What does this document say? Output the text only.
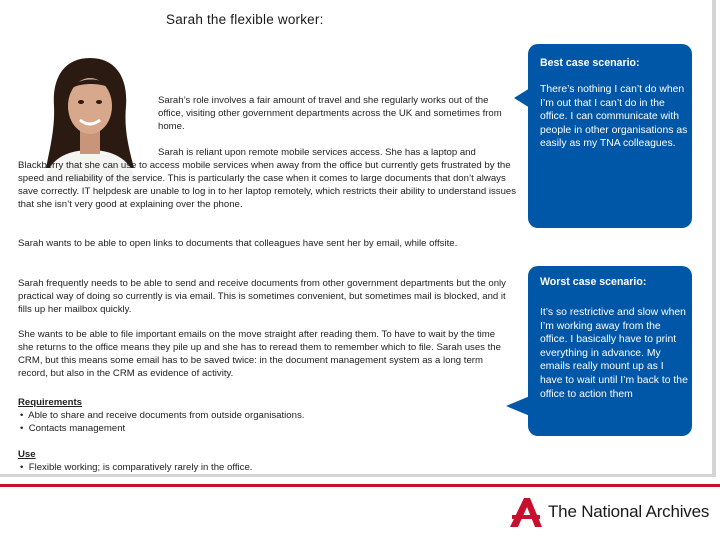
Sarah the flexible worker:
Sarah’s role involves a fair amount of travel and she regularly works out of the office, visiting other government departments across the UK and sometimes from home.
Sarah is reliant upon remote mobile services access. She has a laptop and Blackberry that she can use to access mobile services when away from the office but currently gets frustrated by the speed and reliability of the service. This is particularly the case when it comes to large documents that don’t always save correctly. IT helpdesk are unable to log in to her laptop remotely, which restricts their ability to understand issues that she isn’t very good at explaining over the phone.
Sarah wants to be able to open links to documents that colleagues have sent her by email, while offsite.
Sarah frequently needs to be able to send and receive documents from other government departments but the only practical way of doing so currently is via email. This is sometimes convenient, but sometimes mail is blocked, and it fills up her mailbox quickly.
She wants to be able to file important emails on the move straight after reading them. To have to wait by the time she returns to the office means they pile up and she has to reread them to remember which to file. Sarah uses the CRM, but this means some email has to be saved twice: in the document management system as a long term record, but also in the CRM as evidence of activity.

Requirements

•  Able to share and receive documents from outside organisations.

•  Contacts management

Use

•  Flexible working; is comparatively rarely in the office.

Best case scenario:
There’s nothing I can’t do when I’m out that I can’t do in the office. I can communicate with people in other organisations as easily as my TNA colleagues.
Worst case scenario:
It’s so restrictive and slow when I’m working away from the office. I basically have to print everything in advance. My emails really mount up as I have to wait until I’m back to the office to action them
The National Archives
